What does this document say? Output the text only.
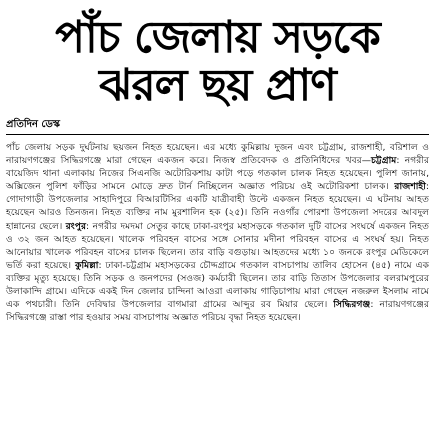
পাঁচ জেলায় সড়কে
ঝরল ছয় প্রাণ
প্রতিদিন ডেস্ক
পাঁচ জেলায় সড়ক দুর্ঘটনায় ছয়জন নিহত হয়েছেন। এর মধ্যে কুমিল্লায় দুজন এবং চট্টগ্রাম, রাজশাহী, বরিশাল ও নারায়ণগঞ্জের সিদ্ধিরগঞ্জে মারা গেছেন একজন করে। নিজস্ব প্রতিবেদক ও প্রতিনিধিদের খবর—চট্টগ্রাম: নগরীর বায়েজিদ থানা এলাকায় নিজের সিএনজি অটোরিকশায় কাটা পড়ে গতকাল চালক নিহত হয়েছেন। পুলিশ জানায়, অক্সিজেন পুলিশ ফাঁড়ির সামনে মোড়ে দ্রুত টার্ন নিচ্ছিলেন অজ্ঞাত পরিচয় ওই অটোরিকশা চালক। রাজশাহী: গোদাগাড়ী উপজেলার সাহাদিপুরে বিআরটিসির একটি যাত্রীবাহী উল্টে একজন নিহত হয়েছেন। এ ঘটনায় আহত হয়েছেন আরও তিনজন। নিহত ব্যক্তির নাম মুরশালিন হক (২৫)। তিনি নওগাঁর পোরশা উপজেলা সদরের আবদুল হান্নানের ছেলে। রংপুর: নগরীর দমদমা সেতুর কাছে ঢাকা-রংপুর মহাসড়কে গতকাল দুটি বাসের সংঘর্ষে একজন নিহত ও ৩২ জন আহত হয়েছেন। খালেক পরিবহন বাসের সঙ্গে সোনার মদীনা পরিবহন বাসের এ সংঘর্ষ হয়। নিহত আনোয়ার খালেক পরিবহন বাসের চালক ছিলেন। তার বাড়ি বগুড়ায়। আহতদের মধ্যে ১০ জনকে রংপুর মেডিকেলে ভর্তি করা হয়েছে। কুমিল্লা: ঢাকা-চট্টগ্রাম মহাসড়কের চৌদ্দগ্রামে গতকাল বাসচাপায় তালিব হোসেন (৪৫) নামে এক ব্যক্তির মৃত্যু হয়েছে। তিনি সড়ক ও জনপদের (সওজ) কর্মচারী ছিলেন। তার বাড়ি তিতাস উপজেলার বলরামপুরের উলাকান্দি গ্রামে। এদিকে একই দিন জেলার চান্দিনা আওরা এলাকায় গাড়িচাপায় মারা গেছেন নজরুল ইসলাম নামে এক পথচারী। তিনি দেবিদ্বার উপজেলার বাগমারা গ্রামের আব্দুর রব মিয়ার ছেলে। সিদ্ধিরগঞ্জ: নারায়ণগঞ্জের সিদ্ধিরগঞ্জে রাস্তা পার হওয়ার সময় বাসচাপায় অজ্ঞাত পরিচয় বৃদ্ধা নিহত হয়েছেন।
